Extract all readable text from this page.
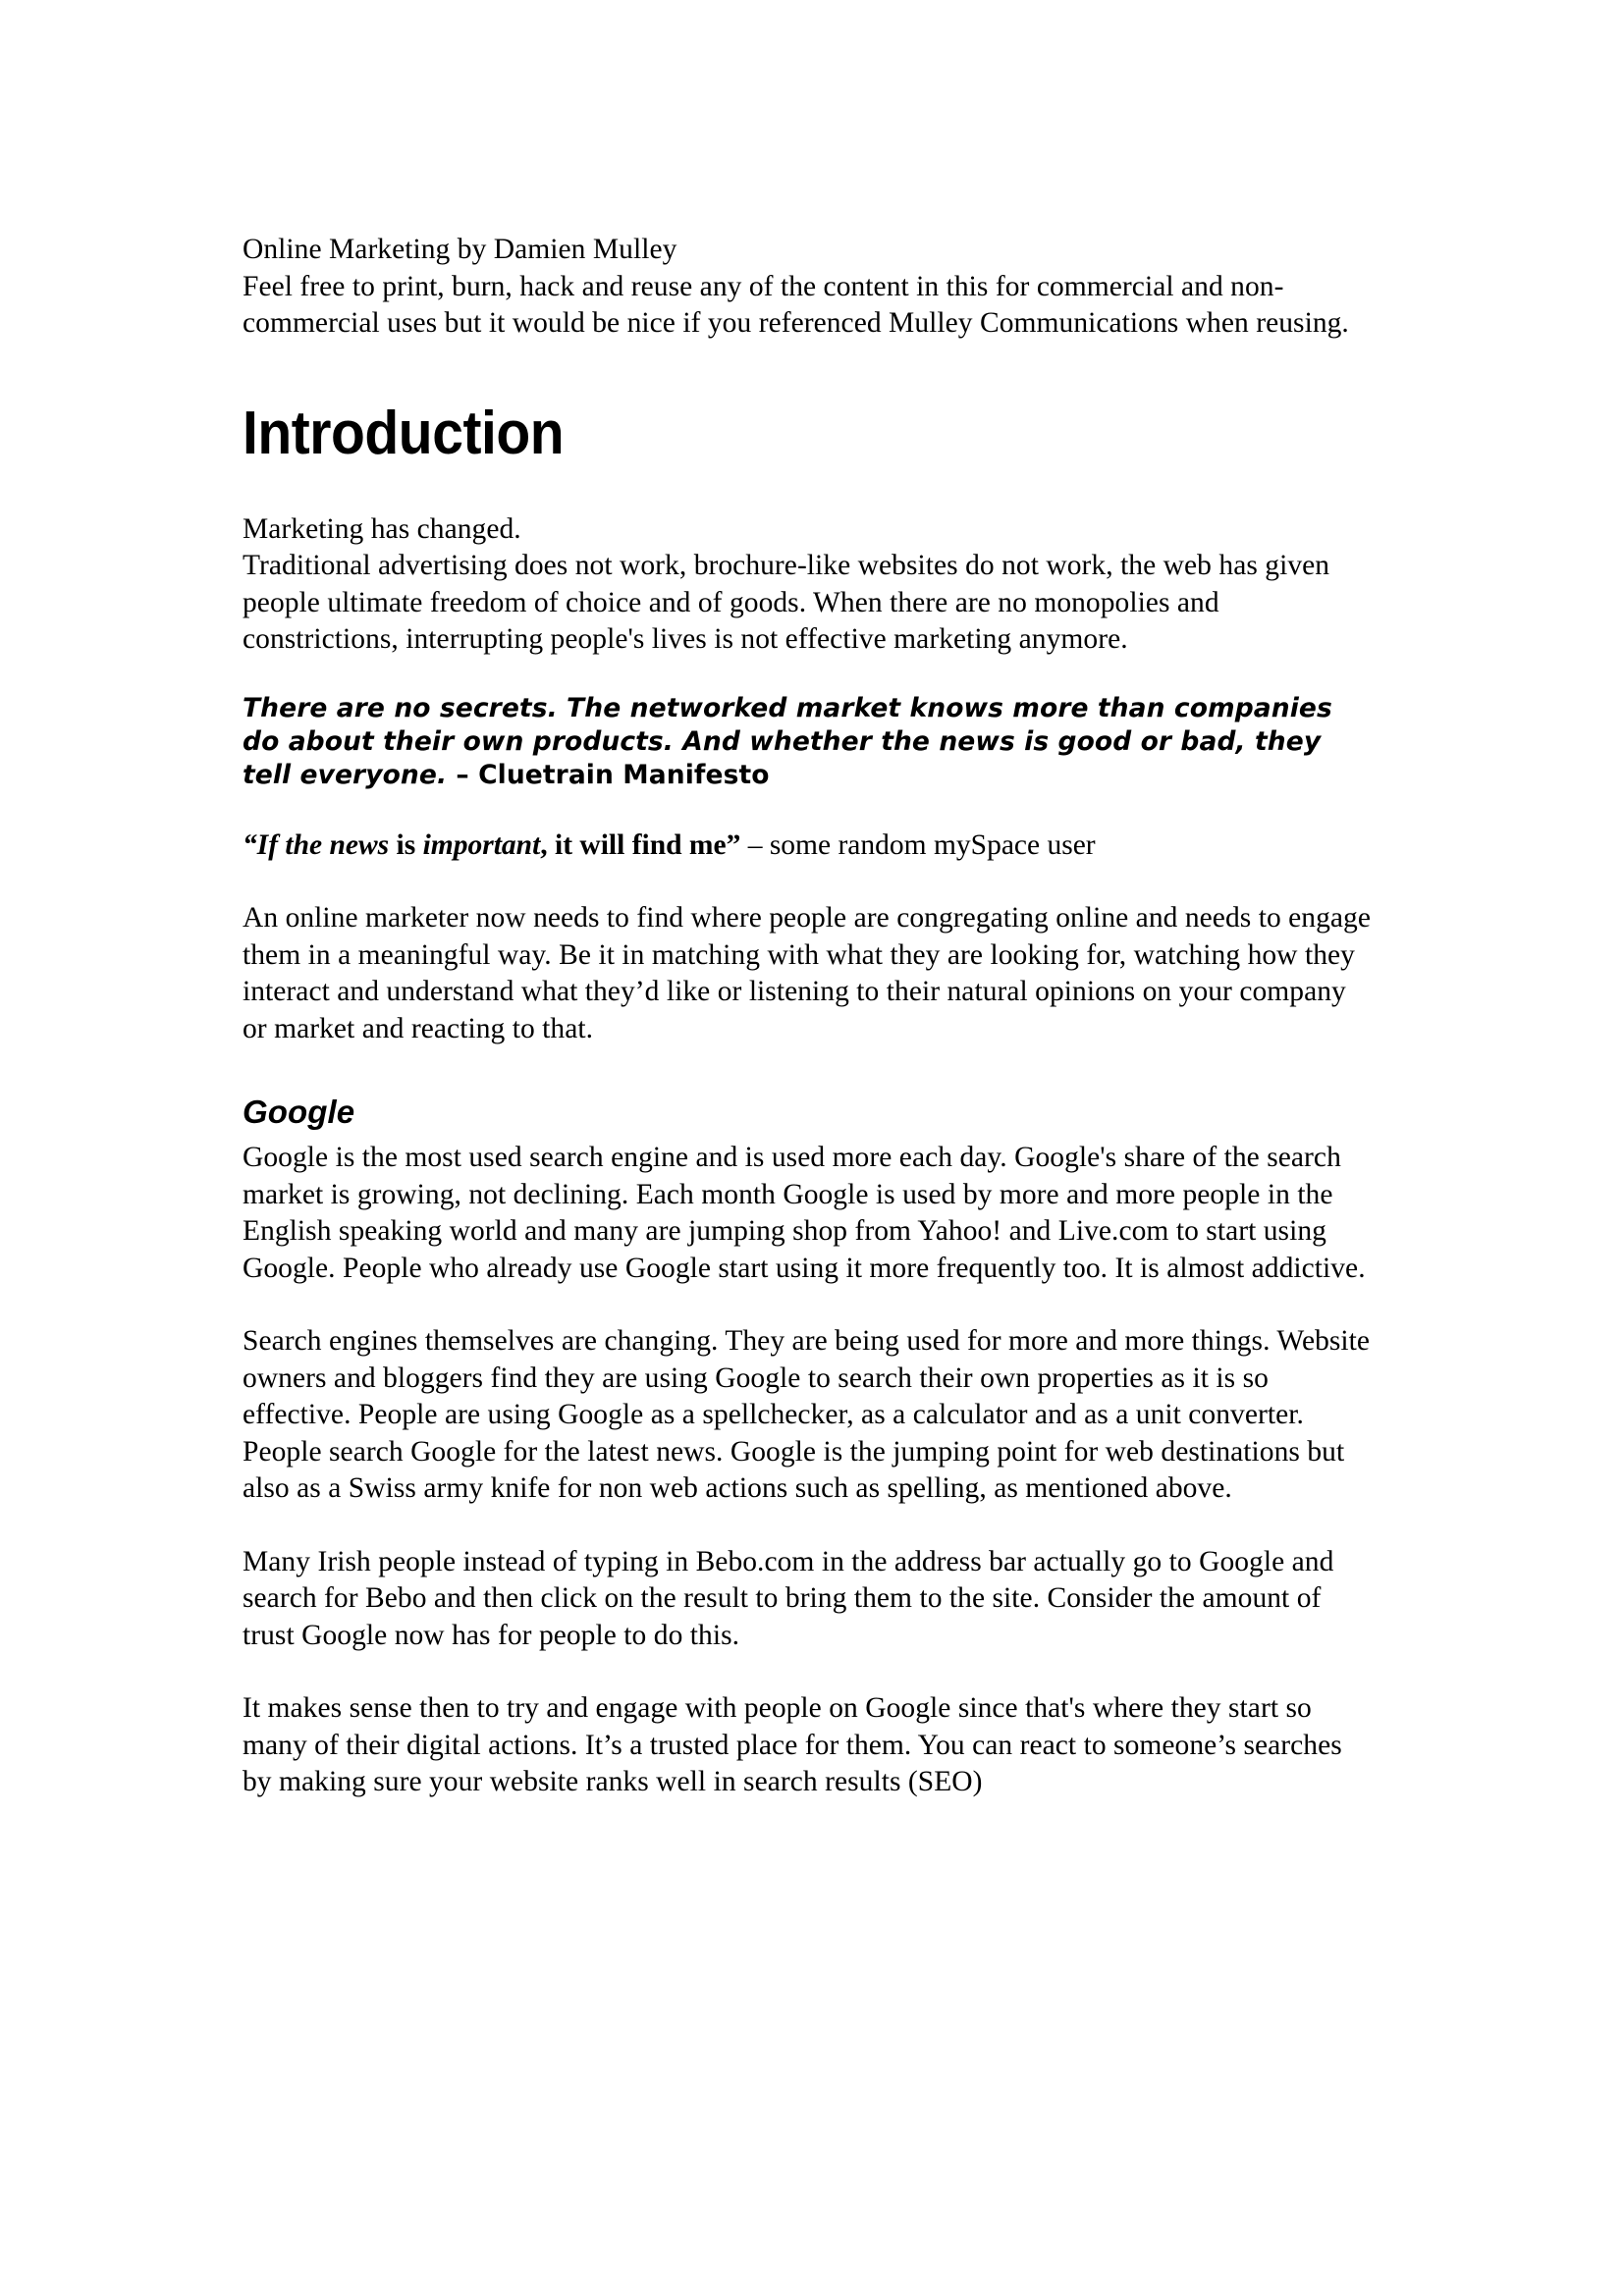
Online Marketing by Damien Mulley

Feel free to print, burn, hack and reuse any of the content in this for commercial and non-commercial uses but it would be nice if you referenced Mulley Communications when reusing.

Introduction

Marketing has changed.

Traditional advertising does not work, brochure-like websites do not work, the web has given people ultimate freedom of choice and of goods. When there are no monopolies and constrictions, interrupting people's lives is not effective marketing anymore.

There are no secrets. The networked market knows more than companies do about their own products. And whether the news is good or bad, they tell everyone. – Cluetrain Manifesto

“If the news is important, it will find me” – some random mySpace user

An online marketer now needs to find where people are congregating online and needs to engage them in a meaningful way. Be it in matching with what they are looking for, watching how they interact and understand what they’d like or listening to their natural opinions on your company or market and reacting to that.

Google

Google is the most used search engine and is used more each day. Google's share of the search market is growing, not declining. Each month Google is used by more and more people in the English speaking world and many are jumping shop from Yahoo! and Live.com to start using Google. People who already use Google start using it more frequently too. It is almost addictive.

Search engines themselves are changing. They are being used for more and more things. Website owners and bloggers find they are using Google to search their own properties as it is so effective. People are using Google as a spellchecker, as a calculator and as a unit converter. People search Google for the latest news. Google is the jumping point for web destinations but also as a Swiss army knife for non web actions such as spelling, as mentioned above.

Many Irish people instead of typing in Bebo.com in the address bar actually go to Google and search for Bebo and then click on the result to bring them to the site. Consider the amount of trust Google now has for people to do this.

It makes sense then to try and engage with people on Google since that's where they start so many of their digital actions. It’s a trusted place for them. You can react to someone’s searches by making sure your website ranks well in search results (SEO)
